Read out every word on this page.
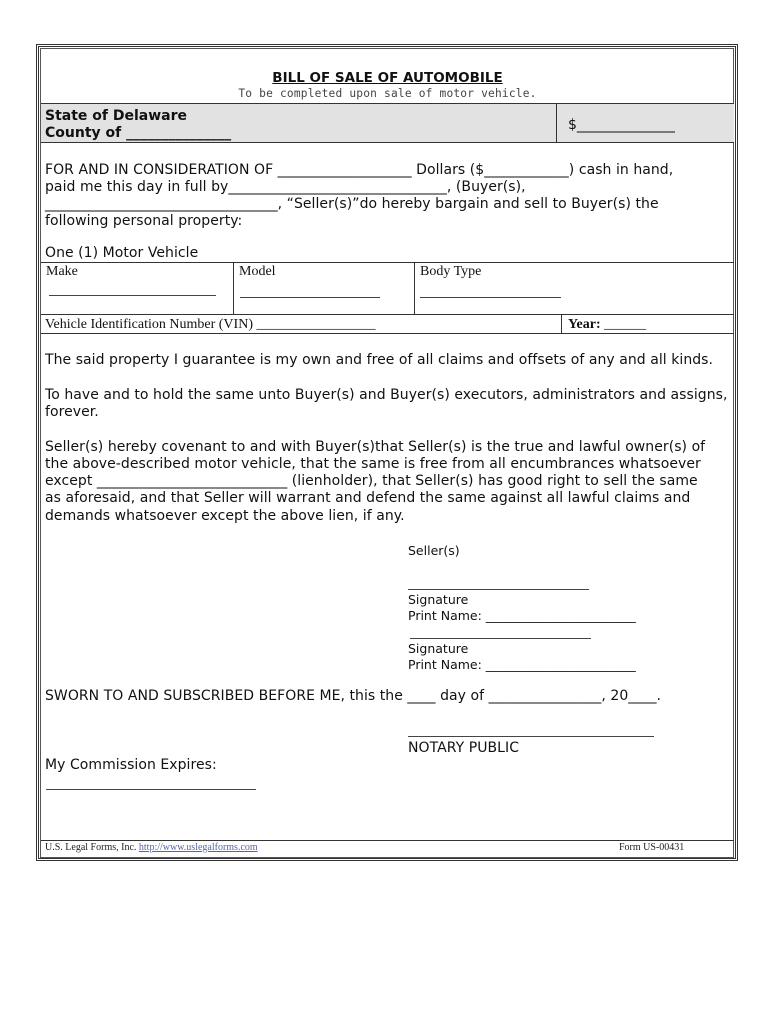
BILL OF SALE OF AUTOMOBILE
To be completed upon sale of motor vehicle.
State of Delaware
County of _______________	$______________
FOR AND IN CONSIDERATION OF ___________________ Dollars ($____________) cash in hand,
paid me this day in full by_______________________________, (Buyer(s),
_________________________________, “Seller(s)”do hereby bargain and sell to Buyer(s) the
following personal property:
One (1) Motor Vehicle
Make	Model	Body Type
Vehicle Identification Number (VIN) _________________	Year: ______
The said property I guarantee is my own and free of all claims and offsets of any and all kinds.
To have and to hold the same unto Buyer(s) and Buyer(s) executors, administrators and assigns,
forever.
Seller(s) hereby covenant to and with Buyer(s)that Seller(s) is the true and lawful owner(s) of
the above-described motor vehicle, that the same is free from all encumbrances whatsoever
except ___________________________ (lienholder), that Seller(s) has good right to sell the same
as aforesaid, and that Seller will warrant and defend the same against all lawful claims and
demands whatsoever except the above lien, if any.
Seller(s)
Signature
Print Name: ________________________
Signature
Print Name: ________________________
SWORN TO AND SUBSCRIBED BEFORE ME, this the ____ day of ________________, 20____.
NOTARY PUBLIC
My Commission Expires:
U.S. Legal Forms, Inc. http://www.uslegalforms.com	Form US-00431
